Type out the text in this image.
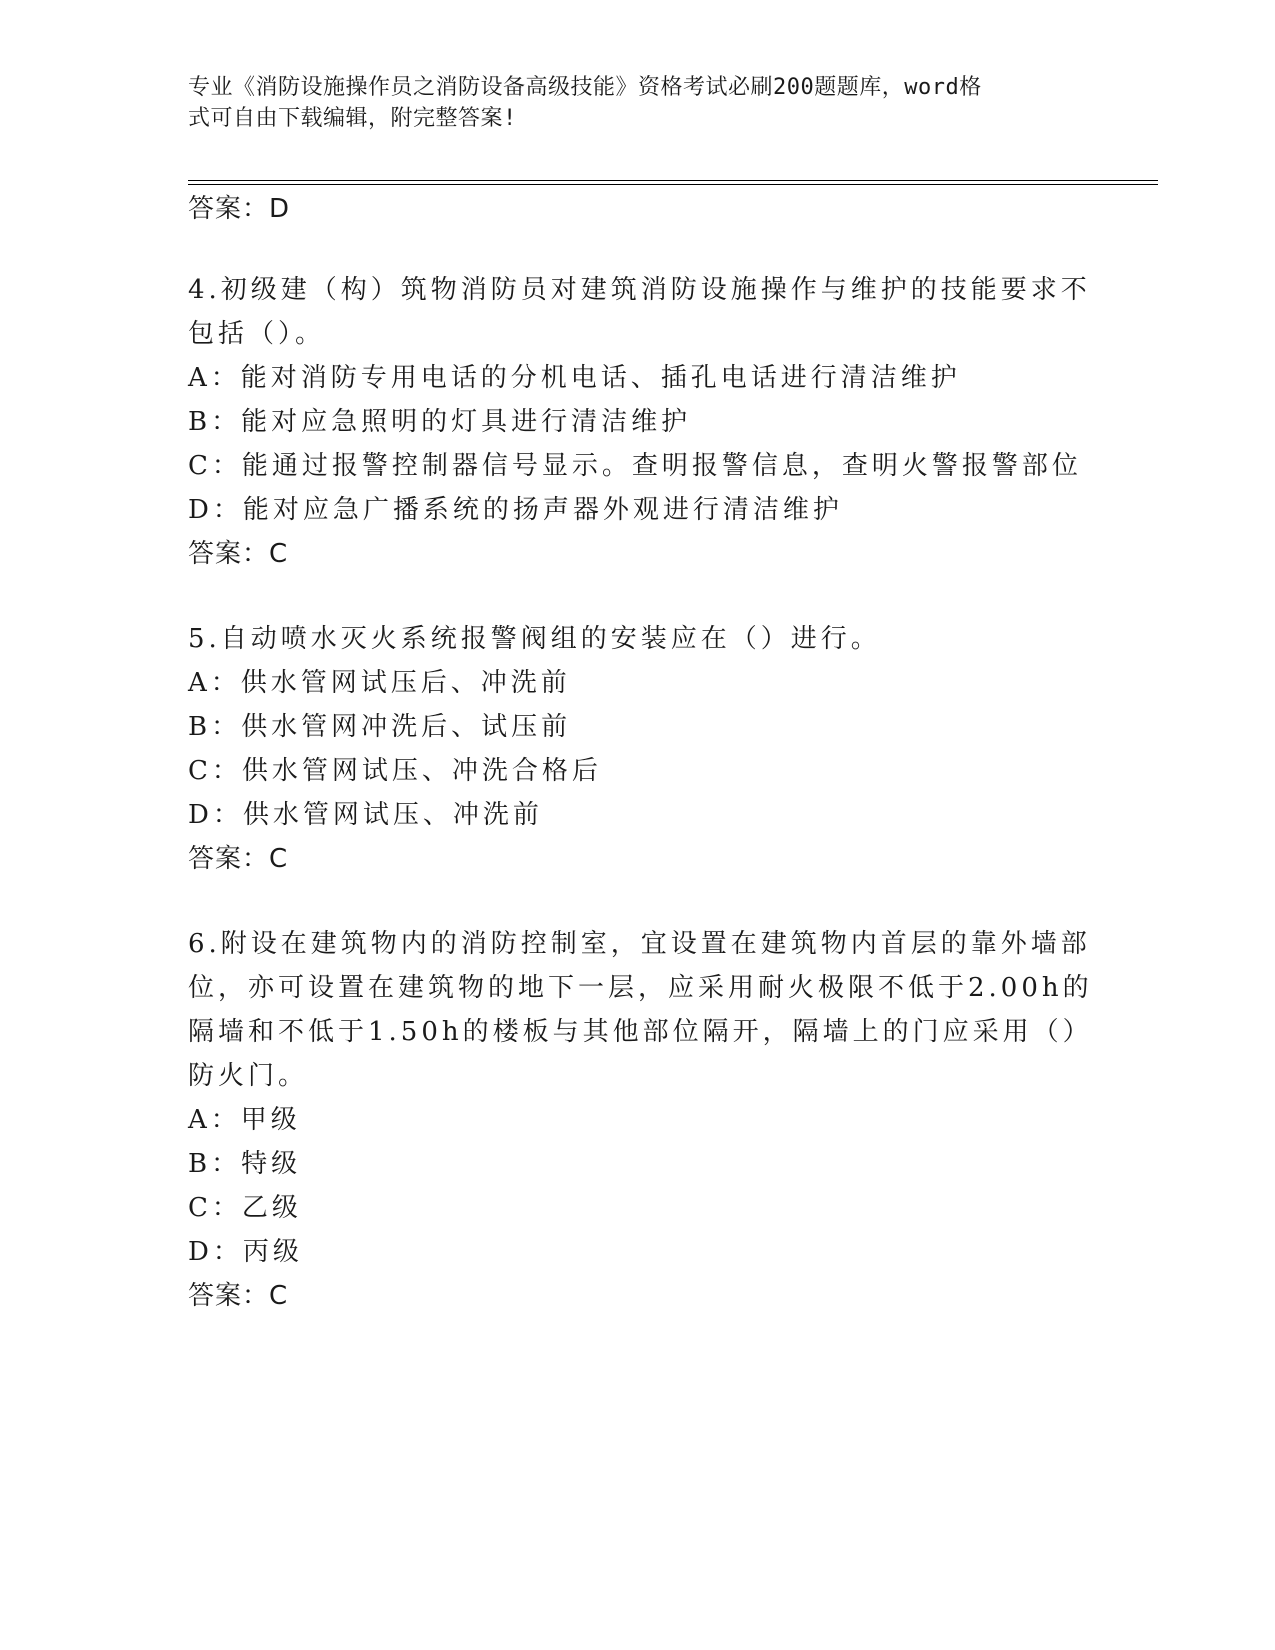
专业《消防设施操作员之消防设备高级技能》资格考试必刷200题题库，word格
式可自由下载编辑，附完整答案!
答案：D
4.初级建（构）筑物消防员对建筑消防设施操作与维护的技能要求不
包括（）。
A：能对消防专用电话的分机电话、插孔电话进行清洁维护
B：能对应急照明的灯具进行清洁维护
C：能通过报警控制器信号显示。查明报警信息，查明火警报警部位
D：能对应急广播系统的扬声器外观进行清洁维护
答案：C
5.自动喷水灭火系统报警阀组的安装应在（）进行。
A：供水管网试压后、冲洗前
B：供水管网冲洗后、试压前
C：供水管网试压、冲洗合格后
D：供水管网试压、冲洗前
答案：C
6.附设在建筑物内的消防控制室，宜设置在建筑物内首层的靠外墙部
位，亦可设置在建筑物的地下一层，应采用耐火极限不低于2.00h的
隔墙和不低于1.50h的楼板与其他部位隔开，隔墙上的门应采用（）
防火门。
A：甲级
B：特级
C：乙级
D：丙级
答案：C
